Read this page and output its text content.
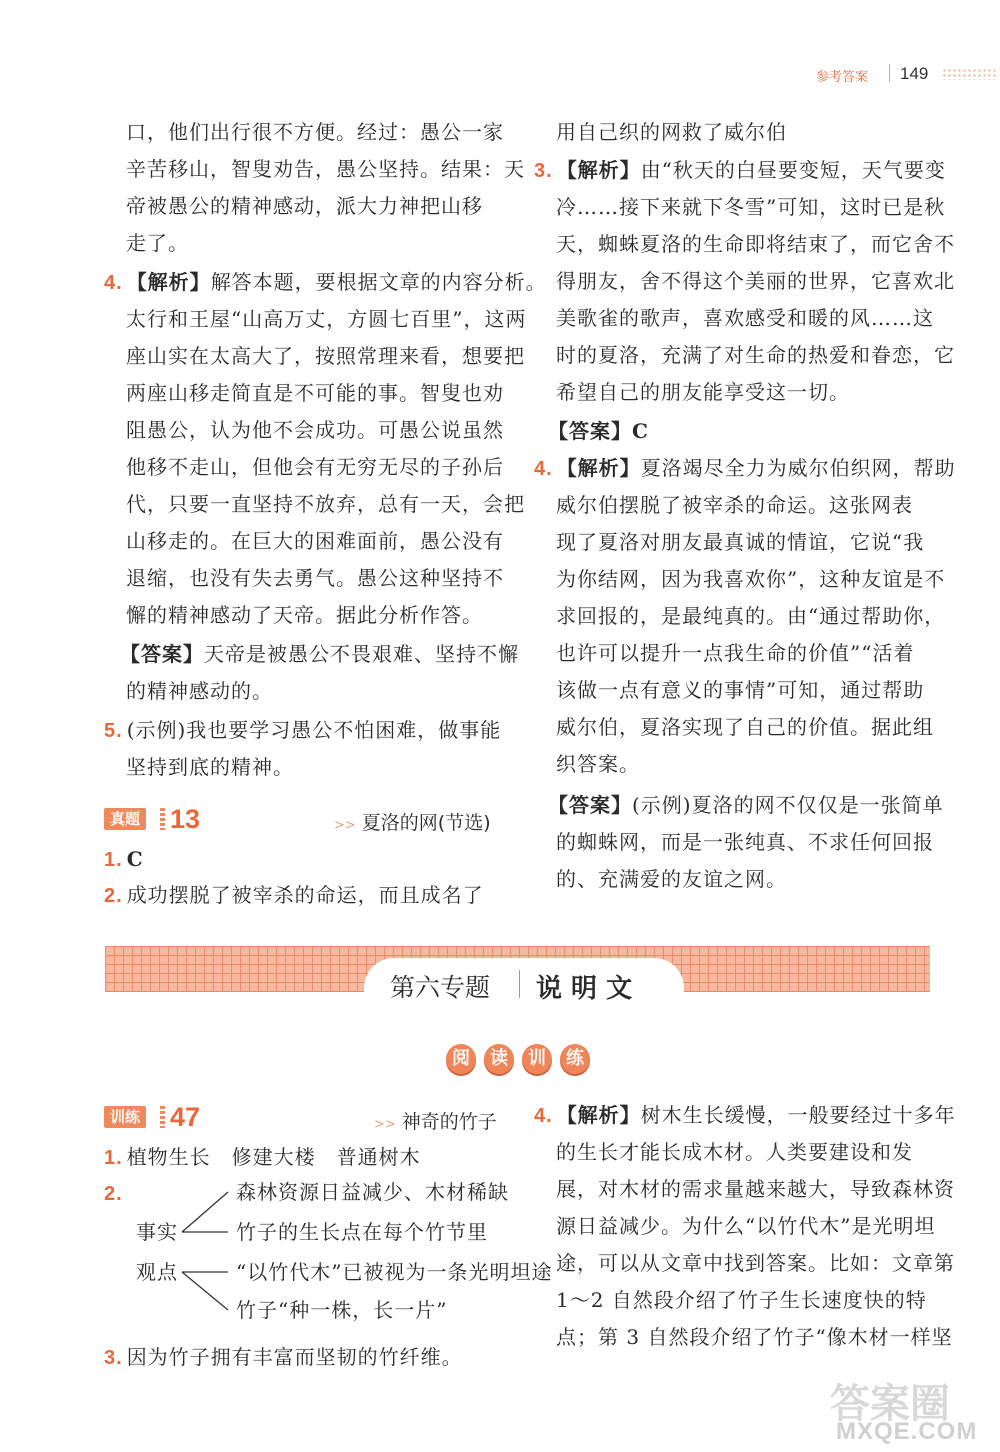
参考答案 149
口，他们出行很不方便。经过：愚公一家
辛苦移山，智叟劝告，愚公坚持。结果：天
帝被愚公的精神感动，派大力神把山移
走了。
4. 【解析】解答本题，要根据文章的内容分析。
太行和王屋“山高万丈，方圆七百里”，这两
座山实在太高大了，按照常理来看，想要把
两座山移走简直是不可能的事。智叟也劝
阻愚公，认为他不会成功。可愚公说虽然
他移不走山，但他会有无穷无尽的子孙后
代，只要一直坚持不放弃，总有一天，会把
山移走的。在巨大的困难面前，愚公没有
退缩，也没有失去勇气。愚公这种坚持不
懈的精神感动了天帝。据此分析作答。
【答案】天帝是被愚公不畏艰难、坚持不懈
的精神感动的。
5. (示例)我也要学习愚公不怕困难，做事能
坚持到底的精神。
真题 13	>> 夏洛的网(节选)
1. C
2. 成功摆脱了被宰杀的命运，而且成名了
用自己织的网救了威尔伯
3. 【解析】由“秋天的白昼要变短，天气要变
冷……接下来就下冬雪”可知，这时已是秋
天，蜘蛛夏洛的生命即将结束了，而它舍不
得朋友，舍不得这个美丽的世界，它喜欢北
美歌雀的歌声，喜欢感受和暖的风……这
时的夏洛，充满了对生命的热爱和眷恋，它
希望自己的朋友能享受这一切。
【答案】C
4. 【解析】夏洛竭尽全力为威尔伯织网，帮助
威尔伯摆脱了被宰杀的命运。这张网表
现了夏洛对朋友最真诚的情谊，它说“我
为你结网，因为我喜欢你”，这种友谊是不
求回报的，是最纯真的。由“通过帮助你，
也许可以提升一点我生命的价值”“活着
该做一点有意义的事情”可知，通过帮助
威尔伯，夏洛实现了自己的价值。据此组
织答案。
【答案】(示例)夏洛的网不仅仅是一张简单
的蜘蛛网，而是一张纯真、不求任何回报
的、充满爱的友谊之网。
第六专题 说 明 文
阅	读	训	练
训练 47	>> 神奇的竹子
1. 植物生长　修建大楼　普通树木
2.
事实
观点
森林资源日益减少、木材稀缺
竹子的生长点在每个竹节里
“以竹代木”已被视为一条光明坦途
竹子“种一株，长一片”
3. 因为竹子拥有丰富而坚韧的竹纤维。
4. 【解析】树木生长缓慢，一般要经过十多年
的生长才能长成木材。人类要建设和发
展，对木材的需求量越来越大，导致森林资
源日益减少。为什么“以竹代木”是光明坦
途，可以从文章中找到答案。比如：文章第
1～2 自然段介绍了竹子生长速度快的特
点；第 3 自然段介绍了竹子“像木材一样坚
答案圈
MXQE.COM
